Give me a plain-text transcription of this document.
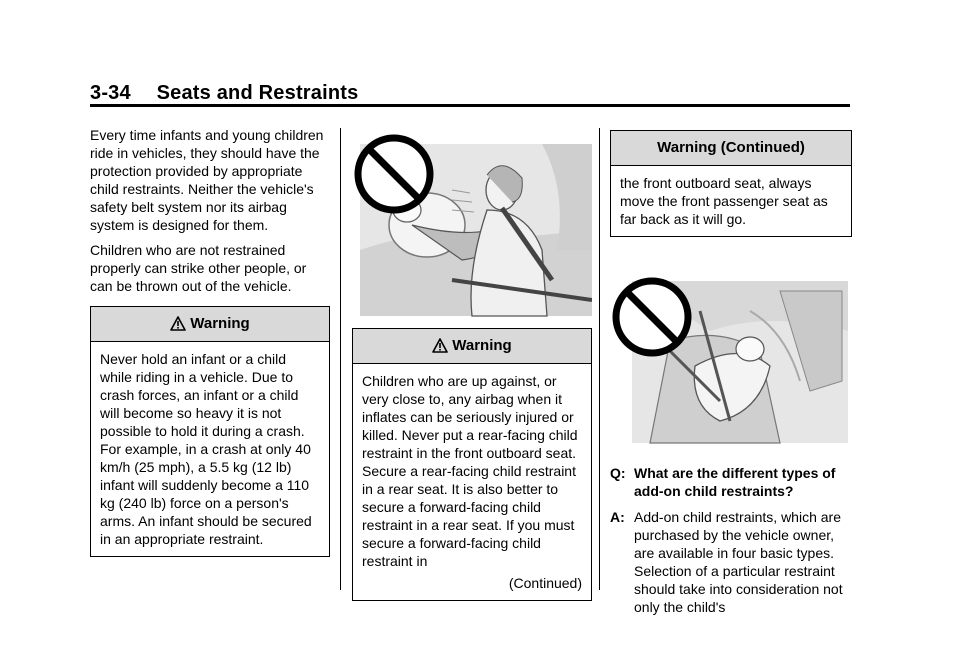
3-34 Seats and Restraints

Every time infants and young children ride in vehicles, they should have the protection provided by appropriate child restraints. Neither the vehicle's safety belt system nor its airbag system is designed for them.

Children who are not restrained properly can strike other people, or can be thrown out of the vehicle.

Warning
Never hold an infant or a child while riding in a vehicle. Due to crash forces, an infant or a child will become so heavy it is not possible to hold it during a crash. For example, in a crash at only 40 km/h (25 mph), a 5.5 kg (12 lb) infant will suddenly become a 110 kg (240 lb) force on a person's arms. An infant should be secured in an appropriate restraint.
Warning
Children who are up against, or very close to, any airbag when it inflates can be seriously injured or killed. Never put a rear-facing child restraint in the front outboard seat. Secure a rear-facing child restraint in a rear seat. It is also better to secure a forward-facing child restraint in a rear seat. If you must secure a forward-facing child restraint in
(Continued)
Warning (Continued)
the front outboard seat, always move the front passenger seat as far back as it will go.
Q: What are the different types of add-on child restraints?
A: Add-on child restraints, which are purchased by the vehicle owner, are available in four basic types. Selection of a particular restraint should take into consideration not only the child's
